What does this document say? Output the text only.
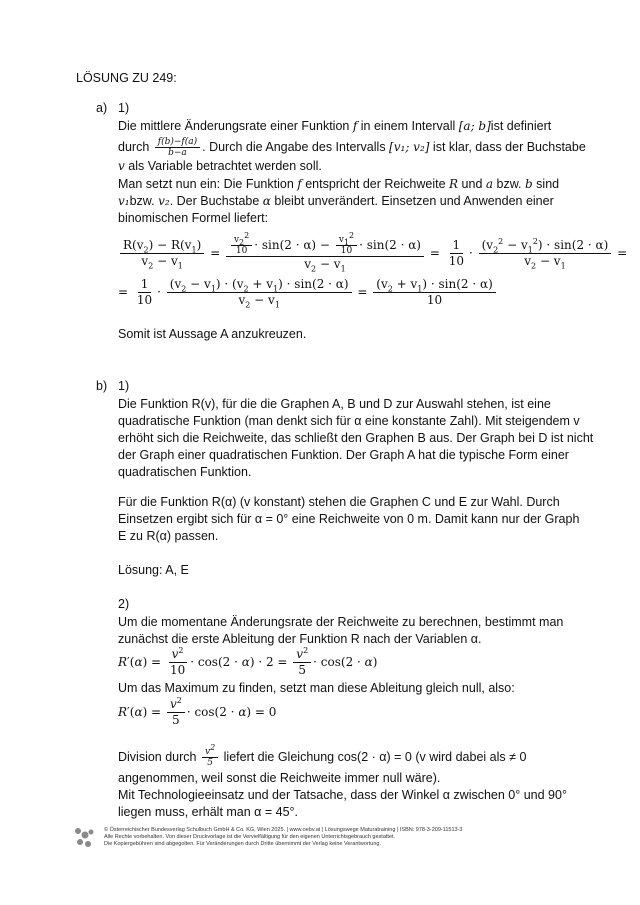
LÖSUNG ZU 249:
a) 1)
Die mittlere Änderungsrate einer Funktion f in einem Intervall [a; b]ist definiert
durch $\frac{f(b)-f(a)}{b-a}$ . Durch die Angabe des Intervalls [v₁; v₂] ist klar, dass der Buchstabe
v als Variable betrachtet werden soll.
Man setzt nun ein: Die Funktion f entspricht der Reichweite R und a bzw. b sind
v₁bzw. v₂. Der Buchstabe α bleibt unverändert. Einsetzen und Anwenden einer
binomischen Formel liefert:
$\frac{R(v_2) - R(v_1)}{v_2 - v_1} = \frac{\frac{v_2^2}{10} \cdot \sin(2 \cdot \alpha) - \frac{v_1^2}{10} \cdot \sin(2 \cdot \alpha)}{v_2 - v_1} = \frac{1}{10} \cdot \frac{(v_2^2 - v_1^2) \cdot \sin(2 \cdot \alpha)}{v_2 - v_1}$ =
= $\frac{1}{10} \cdot \frac{(v_2 - v_1) \cdot (v_2 + v_1) \cdot \sin(2 \cdot \alpha)}{v_2 - v_1} = \frac{(v_2 + v_1) \cdot \sin(2 \cdot \alpha)}{10}$
Somit ist Aussage A anzukreuzen.
b) 1)
Die Funktion R(v), für die die Graphen A, B und D zur Auswahl stehen, ist eine
quadratische Funktion (man denkt sich für α eine konstante Zahl). Mit steigendem v
erhöht sich die Reichweite, das schließt den Graphen B aus. Der Graph bei D ist nicht
der Graph einer quadratischen Funktion. Der Graph A hat die typische Form einer
quadratischen Funktion.
Für die Funktion R(α) (v konstant) stehen die Graphen C und E zur Wahl. Durch
Einsetzen ergibt sich für α = 0° eine Reichweite von 0 m. Damit kann nur der Graph
E zu R(α) passen.
Lösung: A, E
2)
Um die momentane Änderungsrate der Reichweite zu berechnen, bestimmt man
zunächst die erste Ableitung der Funktion R nach der Variablen α.
$R'(\alpha) = \frac{v^2}{10} \cdot \cos(2 \cdot \alpha) \cdot 2 = \frac{v^2}{5} \cdot \cos(2 \cdot \alpha)$
Um das Maximum zu finden, setzt man diese Ableitung gleich null, also:
$R'(\alpha) = \frac{v^2}{5} \cdot \cos(2 \cdot \alpha) = 0$
Division durch $\frac{v^2}{5}$ liefert die Gleichung cos(2 · α) = 0 (v wird dabei als ≠ 0
angenommen, weil sonst die Reichweite immer null wäre).
Mit Technologieeinsatz und der Tatsache, dass der Winkel α zwischen 0° und 90°
liegen muss, erhält man α = 45°.
© Österreichischer Bundesverlag Schulbuch GmbH & Co. KG, Wien 2025. | www.oebv.at | Lösungswege Maturatraining | ISBN: 978-3-209-11513-3
Alle Rechte vorbehalten. Von dieser Druckvorlage ist die Vervielfältigung für den eigenen Unterrichtsgebrauch gestattet.
Die Kopiergebühren sind abgegolten. Für Veränderungen durch Dritte übernimmt der Verlag keine Verantwortung.
